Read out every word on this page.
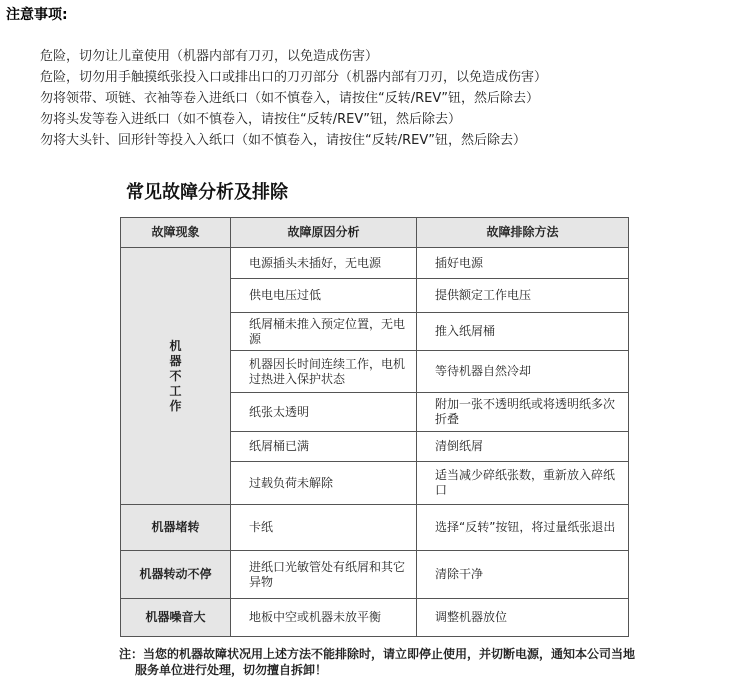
注意事项:
危险，切勿让儿童使用（机器内部有刀刃，以免造成伤害）
危险，切勿用手触摸纸张投入口或排出口的刀刃部分（机器内部有刀刃，以免造成伤害）
勿将领带、项链、衣袖等卷入进纸口（如不慎卷入，请按住“反转/REV”钮，然后除去）
勿将头发等卷入进纸口（如不慎卷入，请按住“反转/REV”钮，然后除去）
勿将大头针、回形针等投入入纸口（如不慎卷入，请按住“反转/REV”钮，然后除去）
常见故障分析及排除
故障现象	故障原因分析	故障排除方法

机器不工作	电源插头未插好，无电源	插好电源
	供电电压过低	提供额定工作电压
	纸屑桶未推入预定位置，无电源	推入纸屑桶
	机器因长时间连续工作，电机过热进入保护状态	等待机器自然冷却
	纸张太透明	附加一张不透明纸或将透明纸多次折叠
	纸屑桶已满	清倒纸屑
	过载负荷未解除	适当减少碎纸张数，重新放入碎纸口
机器堵转	卡纸	选择“反转”按钮，将过量纸张退出
机器转动不停	进纸口光敏管处有纸屑和其它异物	清除干净
机器噪音大	地板中空或机器未放平衡	调整机器放位

注：当您的机器故障状况用上述方法不能排除时，请立即停止使用，并切断电源，通知本公司当地服务单位进行处理，切勿擅自拆卸！
